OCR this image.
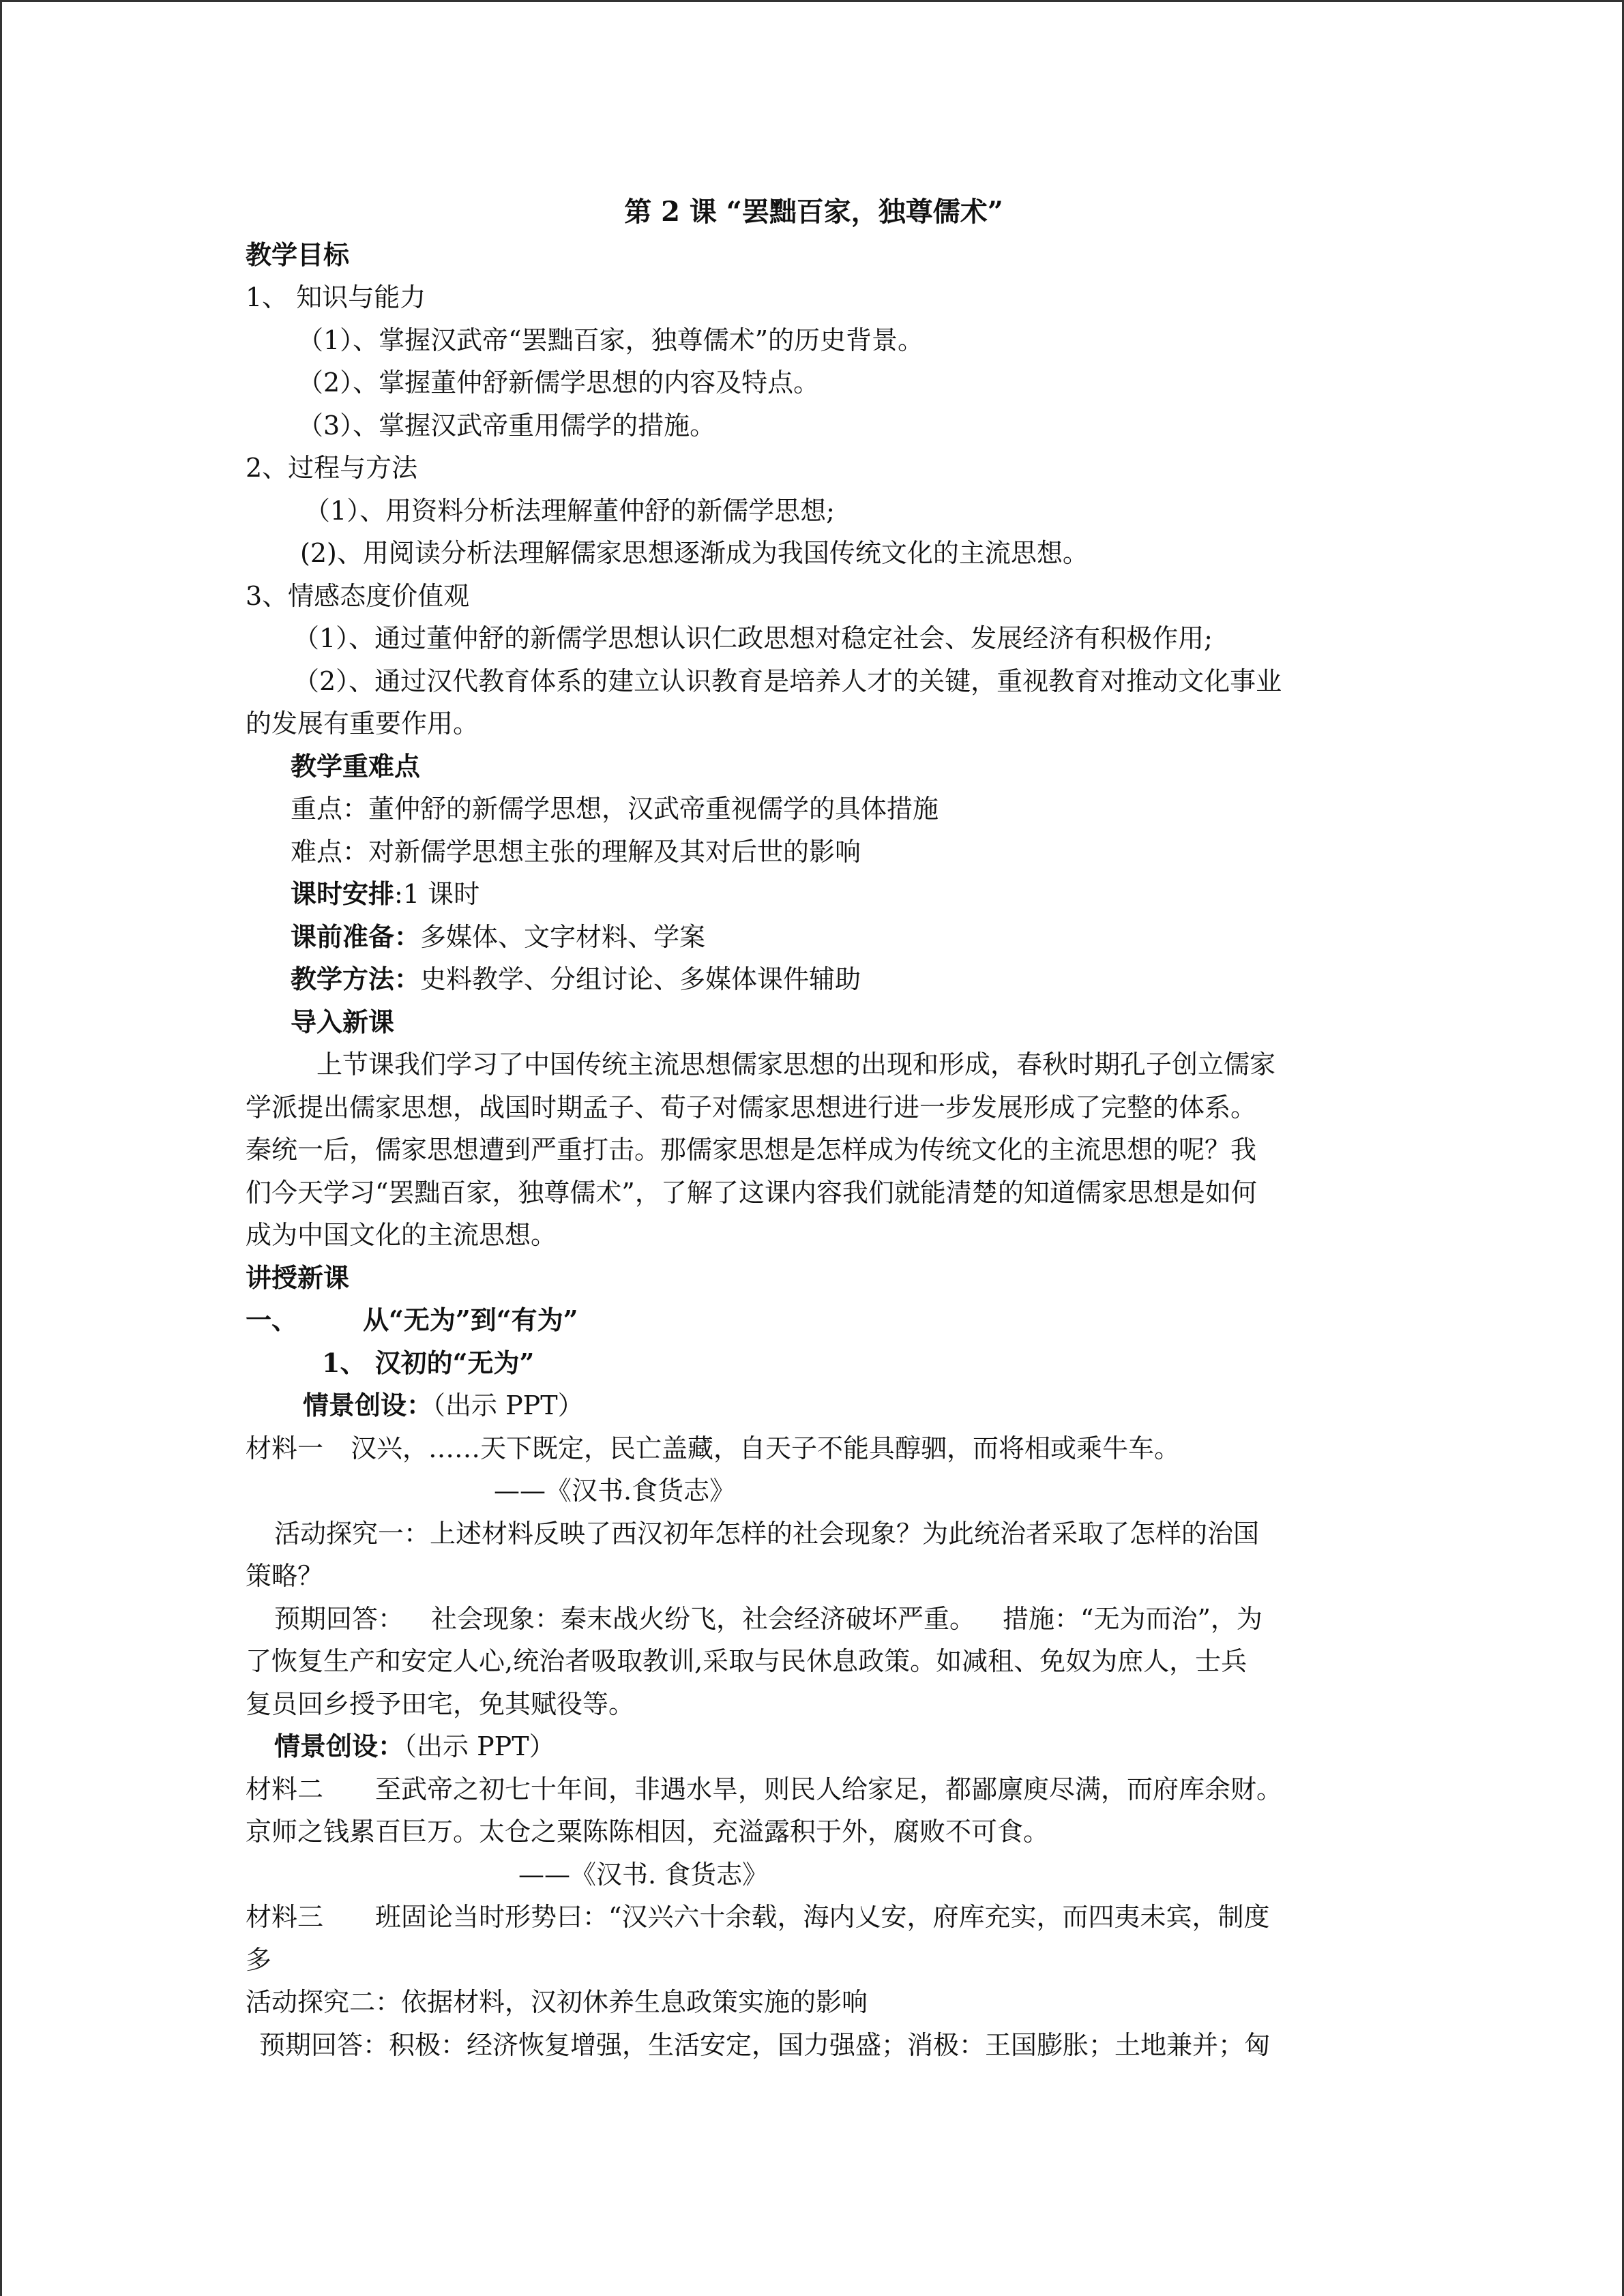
第 2 课 “罢黜百家，独尊儒术”
教学目标
1、 知识与能力
（1）、掌握汉武帝“罢黜百家，独尊儒术”的历史背景。
（2）、掌握董仲舒新儒学思想的内容及特点。
（3）、掌握汉武帝重用儒学的措施。
2、过程与方法
（1）、用资料分析法理解董仲舒的新儒学思想;
(2)、用阅读分析法理解儒家思想逐渐成为我国传统文化的主流思想。
3、情感态度价值观
（1）、通过董仲舒的新儒学思想认识仁政思想对稳定社会、发展经济有积极作用;
（2）、通过汉代教育体系的建立认识教育是培养人才的关键，重视教育对推动文化事业
的发展有重要作用。
教学重难点
重点：董仲舒的新儒学思想，汉武帝重视儒学的具体措施
难点：对新儒学思想主张的理解及其对后世的影响
课时安排:1 课时
课前准备：多媒体、文字材料、学案
教学方法：史料教学、分组讨论、多媒体课件辅助
导入新课
上节课我们学习了中国传统主流思想儒家思想的出现和形成，春秋时期孔子创立儒家
学派提出儒家思想，战国时期孟子、荀子对儒家思想进行进一步发展形成了完整的体系。
秦统一后，儒家思想遭到严重打击。那儒家思想是怎样成为传统文化的主流思想的呢？我
们今天学习“罢黜百家，独尊儒术”，了解了这课内容我们就能清楚的知道儒家思想是如何
成为中国文化的主流思想。
讲授新课
一、	从“无为”到“有为”
1、 汉初的“无为”
情景创设：（出示 PPT）
材料一 汉兴，……天下既定，民亡盖藏，自天子不能具醇驷，而将相或乘牛车。
——《汉书.食货志》
活动探究一：上述材料反映了西汉初年怎样的社会现象？为此统治者采取了怎样的治国
策略？
预期回答： 社会现象：秦末战火纷飞，社会经济破坏严重。 措施：“无为而治”，为
了恢复生产和安定人心,统治者吸取教训,采取与民休息政策。如减租、免奴为庶人，士兵
复员回乡授予田宅，免其赋役等。
情景创设：（出示 PPT）
材料二 至武帝之初七十年间，非遇水旱，则民人给家足，都鄙廪庾尽满，而府库余财。
京师之钱累百巨万。太仓之粟陈陈相因，充溢露积于外，腐败不可食。
——《汉书. 食货志》
材料三 班固论当时形势曰：“汉兴六十余载，海内乂安，府库充实，而四夷未宾，制度
多
活动探究二：依据材料，汉初休养生息政策实施的影响
预期回答：积极：经济恢复增强，生活安定，国力强盛；消极：王国膨胀；土地兼并；匈
